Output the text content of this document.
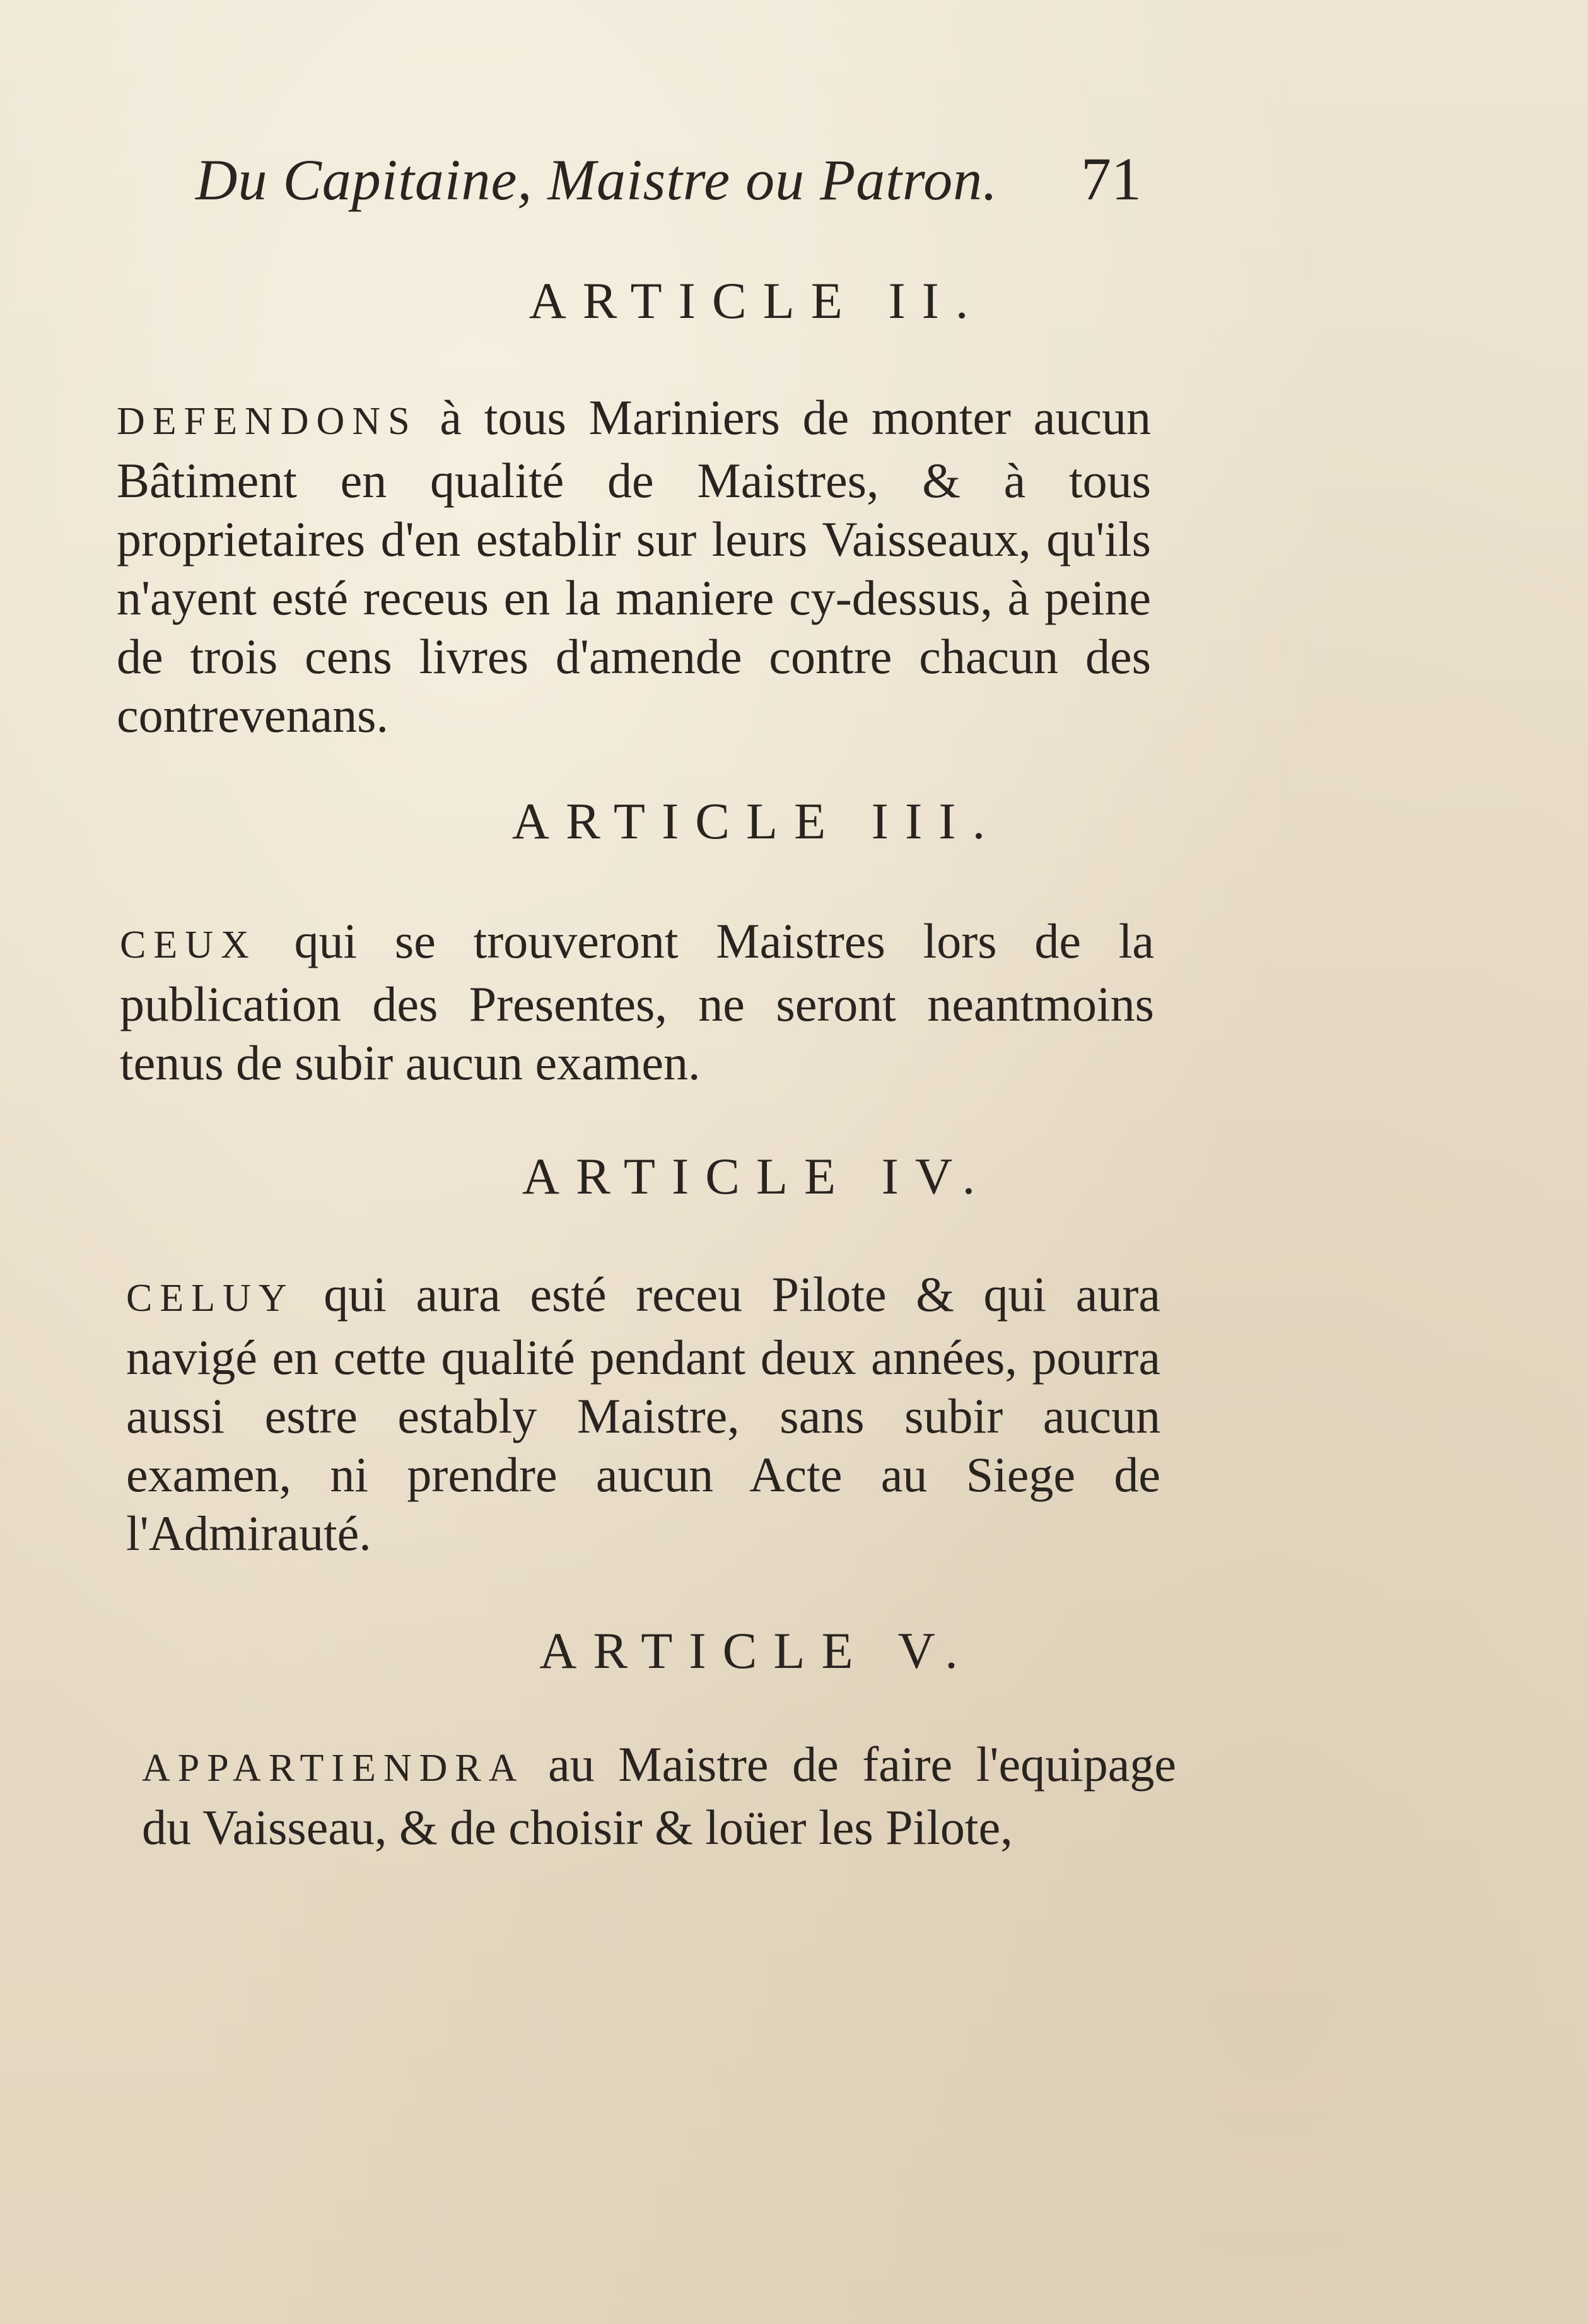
Du Capitaine, Maistre ou Patron. 71
ARTICLE II.
DEFENDONS à tous Mariniers de monter aucun Bâtiment en qualité de Maistres, & à tous proprietaires d'en establir sur leurs Vaisseaux, qu'ils n'ayent esté receus en la maniere cy-dessus, à peine de trois cens livres d'amende contre chacun des contrevenans.
ARTICLE III.
CEUX qui se trouveront Maistres lors de la publication des Presentes, ne seront neantmoins tenus de subir aucun examen.
ARTICLE IV.
CELUY qui aura esté receu Pilote & qui aura navigé en cette qualité pendant deux années, pourra aussi estre estably Maistre, sans subir aucun examen, ni prendre aucun Acte au Siege de l'Admirauté.
ARTICLE V.
APPARTIENDRA au Maistre de faire l'equipage du Vaisseau, & de choisir & loüer les Pilote,
